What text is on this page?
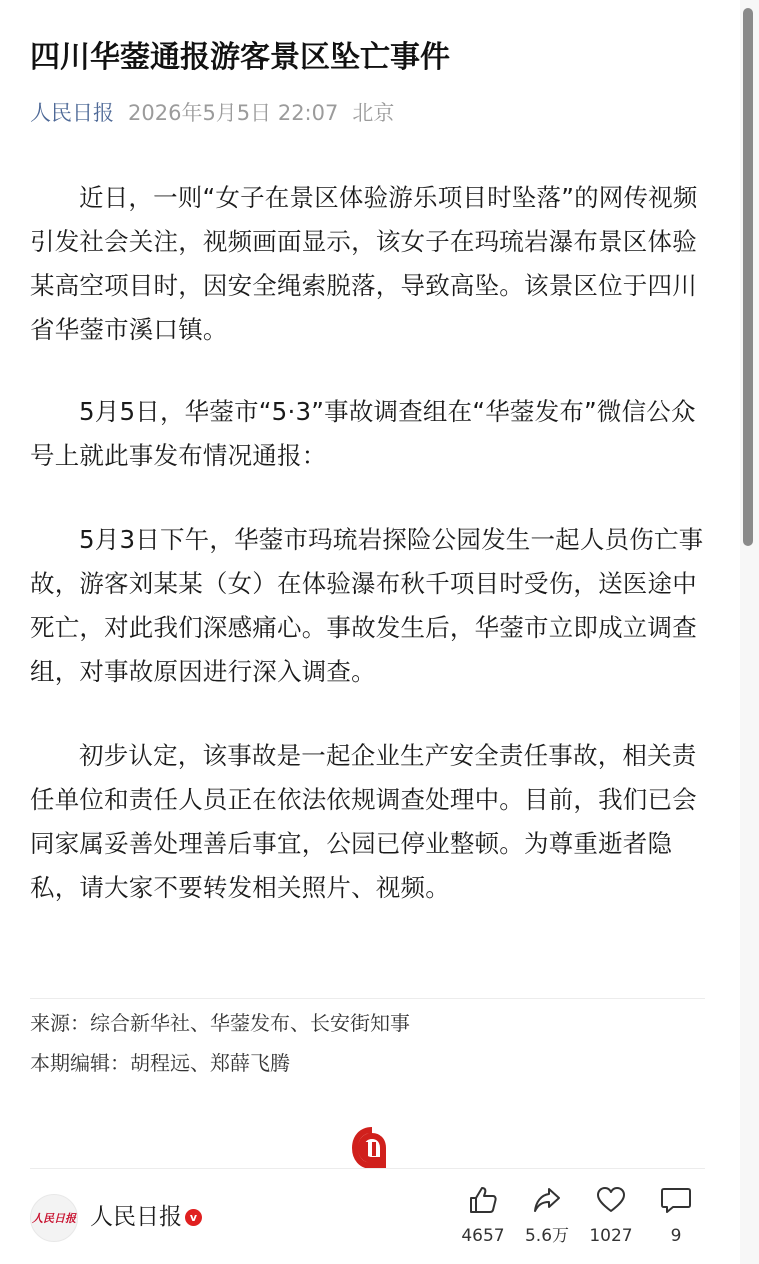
四川华蓥通报游客景区坠亡事件
人民日报 2026年5月5日 22:07 北京

近日，一则“女子在景区体验游乐项目时坠落”的网传视频引发社会关注，视频画面显示，该女子在玛琉岩瀑布景区体验某高空项目时，因安全绳索脱落，导致高坠。该景区位于四川省华蓥市溪口镇。

5月5日，华蓥市“5·3”事故调查组在“华蓥发布”微信公众号上就此事发布情况通报：

5月3日下午，华蓥市玛琉岩探险公园发生一起人员伤亡事故，游客刘某某（女）在体验瀑布秋千项目时受伤，送医途中死亡，对此我们深感痛心。事故发生后，华蓥市立即成立调查组，对事故原因进行深入调查。

初步认定，该事故是一起企业生产安全责任事故，相关责任单位和责任人员正在依法依规调查处理中。目前，我们已会同家属妥善处理善后事宜，公园已停业整顿。为尊重逝者隐私，请大家不要转发相关照片、视频。

来源：综合新华社、华蓥发布、长安街知事
本期编辑：胡程远、郑薛飞腾
人民日报 人民日报 v
4657	5.6万	1027	9
